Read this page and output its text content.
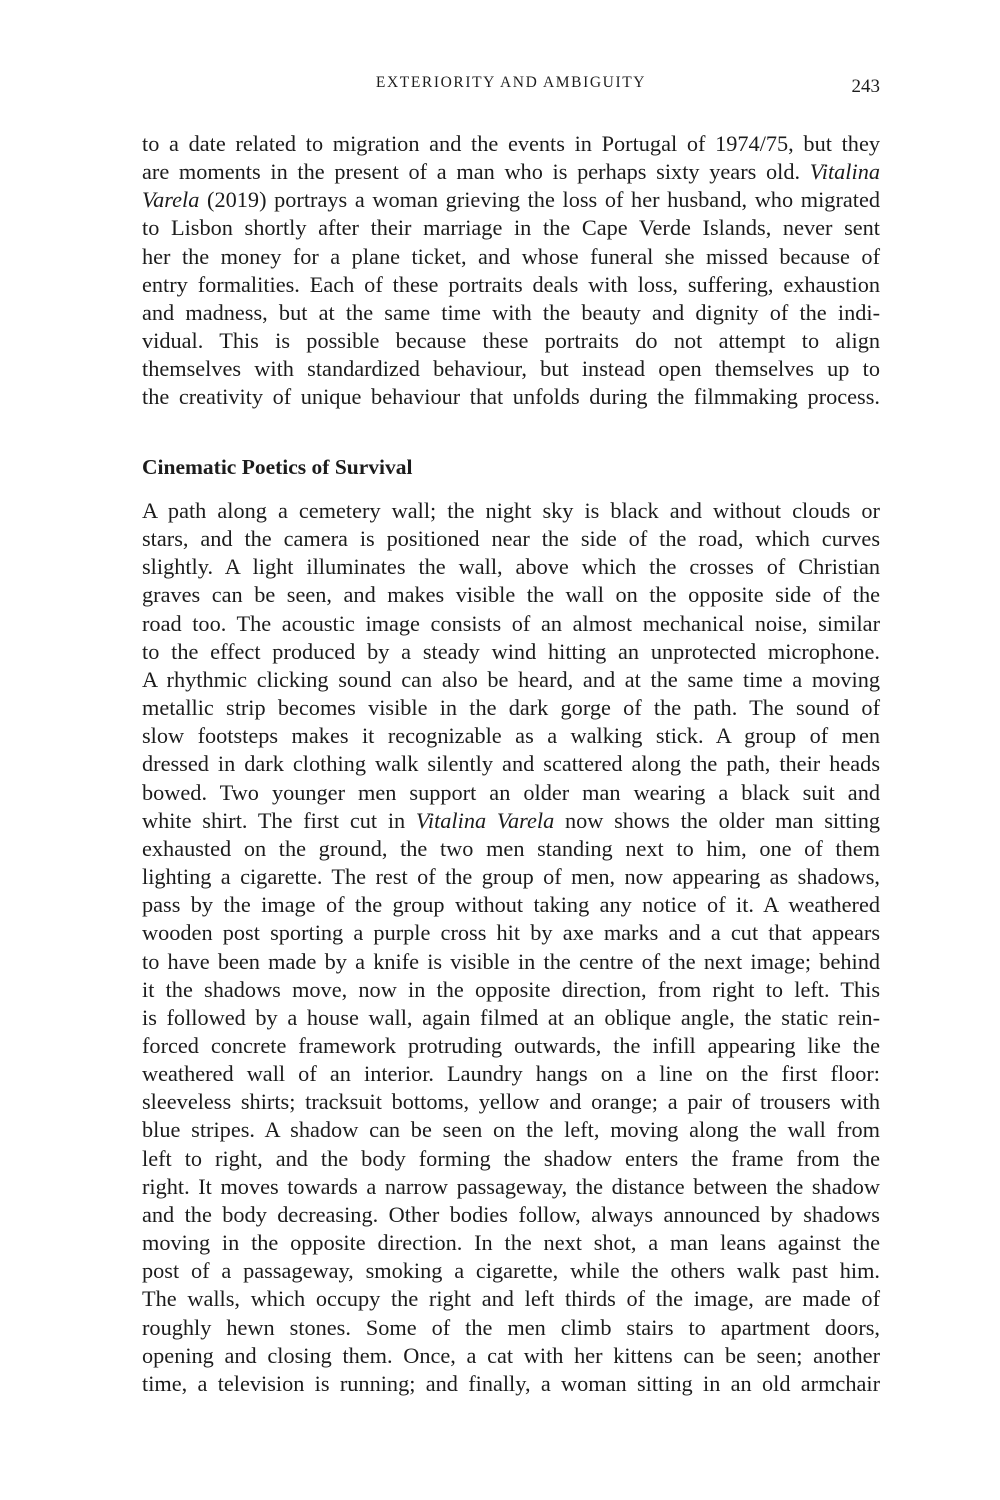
EXTERIORITY AND AMBIGUITY	243
to a date related to migration and the events in Portugal of 1974/75, but they
are moments in the present of a man who is perhaps sixty years old. Vitalina
Varela (2019) portrays a woman grieving the loss of her husband, who migrated
to Lisbon shortly after their marriage in the Cape Verde Islands, never sent
her the money for a plane ticket, and whose funeral she missed because of
entry formalities. Each of these portraits deals with loss, suffering, exhaustion
and madness, but at the same time with the beauty and dignity of the indi-
vidual. This is possible because these portraits do not attempt to align
themselves with standardized behaviour, but instead open themselves up to
the creativity of unique behaviour that unfolds during the filmmaking process.
Cinematic Poetics of Survival
A path along a cemetery wall; the night sky is black and without clouds or
stars, and the camera is positioned near the side of the road, which curves
slightly. A light illuminates the wall, above which the crosses of Christian
graves can be seen, and makes visible the wall on the opposite side of the
road too. The acoustic image consists of an almost mechanical noise, similar
to the effect produced by a steady wind hitting an unprotected microphone.
A rhythmic clicking sound can also be heard, and at the same time a moving
metallic strip becomes visible in the dark gorge of the path. The sound of
slow footsteps makes it recognizable as a walking stick. A group of men
dressed in dark clothing walk silently and scattered along the path, their heads
bowed. Two younger men support an older man wearing a black suit and
white shirt. The first cut in Vitalina Varela now shows the older man sitting
exhausted on the ground, the two men standing next to him, one of them
lighting a cigarette. The rest of the group of men, now appearing as shadows,
pass by the image of the group without taking any notice of it. A weathered
wooden post sporting a purple cross hit by axe marks and a cut that appears
to have been made by a knife is visible in the centre of the next image; behind
it the shadows move, now in the opposite direction, from right to left. This
is followed by a house wall, again filmed at an oblique angle, the static rein-
forced concrete framework protruding outwards, the infill appearing like the
weathered wall of an interior. Laundry hangs on a line on the first floor:
sleeveless shirts; tracksuit bottoms, yellow and orange; a pair of trousers with
blue stripes. A shadow can be seen on the left, moving along the wall from
left to right, and the body forming the shadow enters the frame from the
right. It moves towards a narrow passageway, the distance between the shadow
and the body decreasing. Other bodies follow, always announced by shadows
moving in the opposite direction. In the next shot, a man leans against the
post of a passageway, smoking a cigarette, while the others walk past him.
The walls, which occupy the right and left thirds of the image, are made of
roughly hewn stones. Some of the men climb stairs to apartment doors,
opening and closing them. Once, a cat with her kittens can be seen; another
time, a television is running; and finally, a woman sitting in an old armchair
